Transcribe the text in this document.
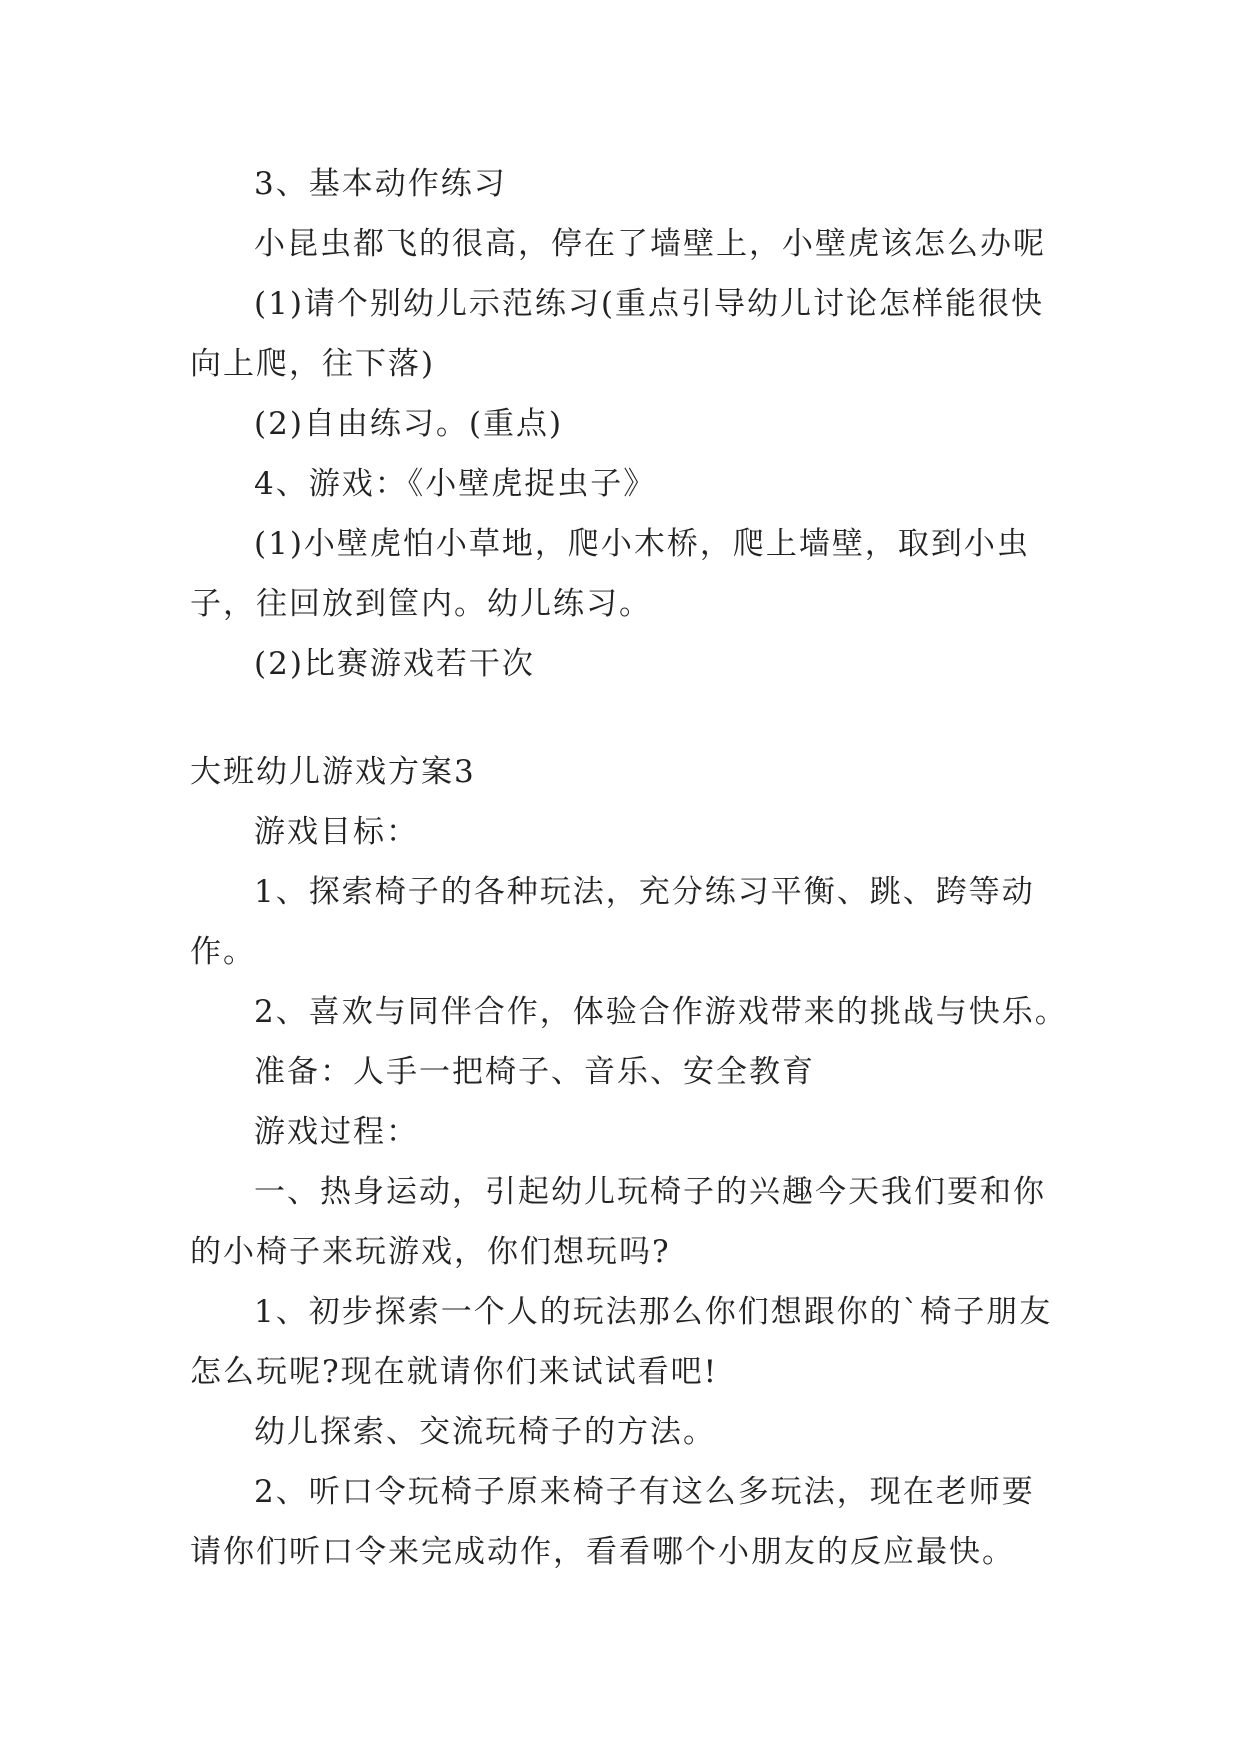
3、基本动作练习
小昆虫都飞的很高，停在了墙壁上，小壁虎该怎么办呢
(1)请个别幼儿示范练习(重点引导幼儿讨论怎样能很快
向上爬，往下落)
(2)自由练习。(重点)
4、游戏：《小壁虎捉虫子》
(1)小壁虎怕小草地，爬小木桥，爬上墙壁，取到小虫
子，往回放到筐内。幼儿练习。
(2)比赛游戏若干次
大班幼儿游戏方案3
游戏目标：
1、探索椅子的各种玩法，充分练习平衡、跳、跨等动
作。
2、喜欢与同伴合作，体验合作游戏带来的挑战与快乐。
准备：人手一把椅子、音乐、安全教育
游戏过程：
一、热身运动，引起幼儿玩椅子的兴趣今天我们要和你
的小椅子来玩游戏，你们想玩吗?
1、初步探索一个人的玩法那么你们想跟你的`椅子朋友
怎么玩呢?现在就请你们来试试看吧!
幼儿探索、交流玩椅子的方法。
2、听口令玩椅子原来椅子有这么多玩法，现在老师要
请你们听口令来完成动作，看看哪个小朋友的反应最快。
